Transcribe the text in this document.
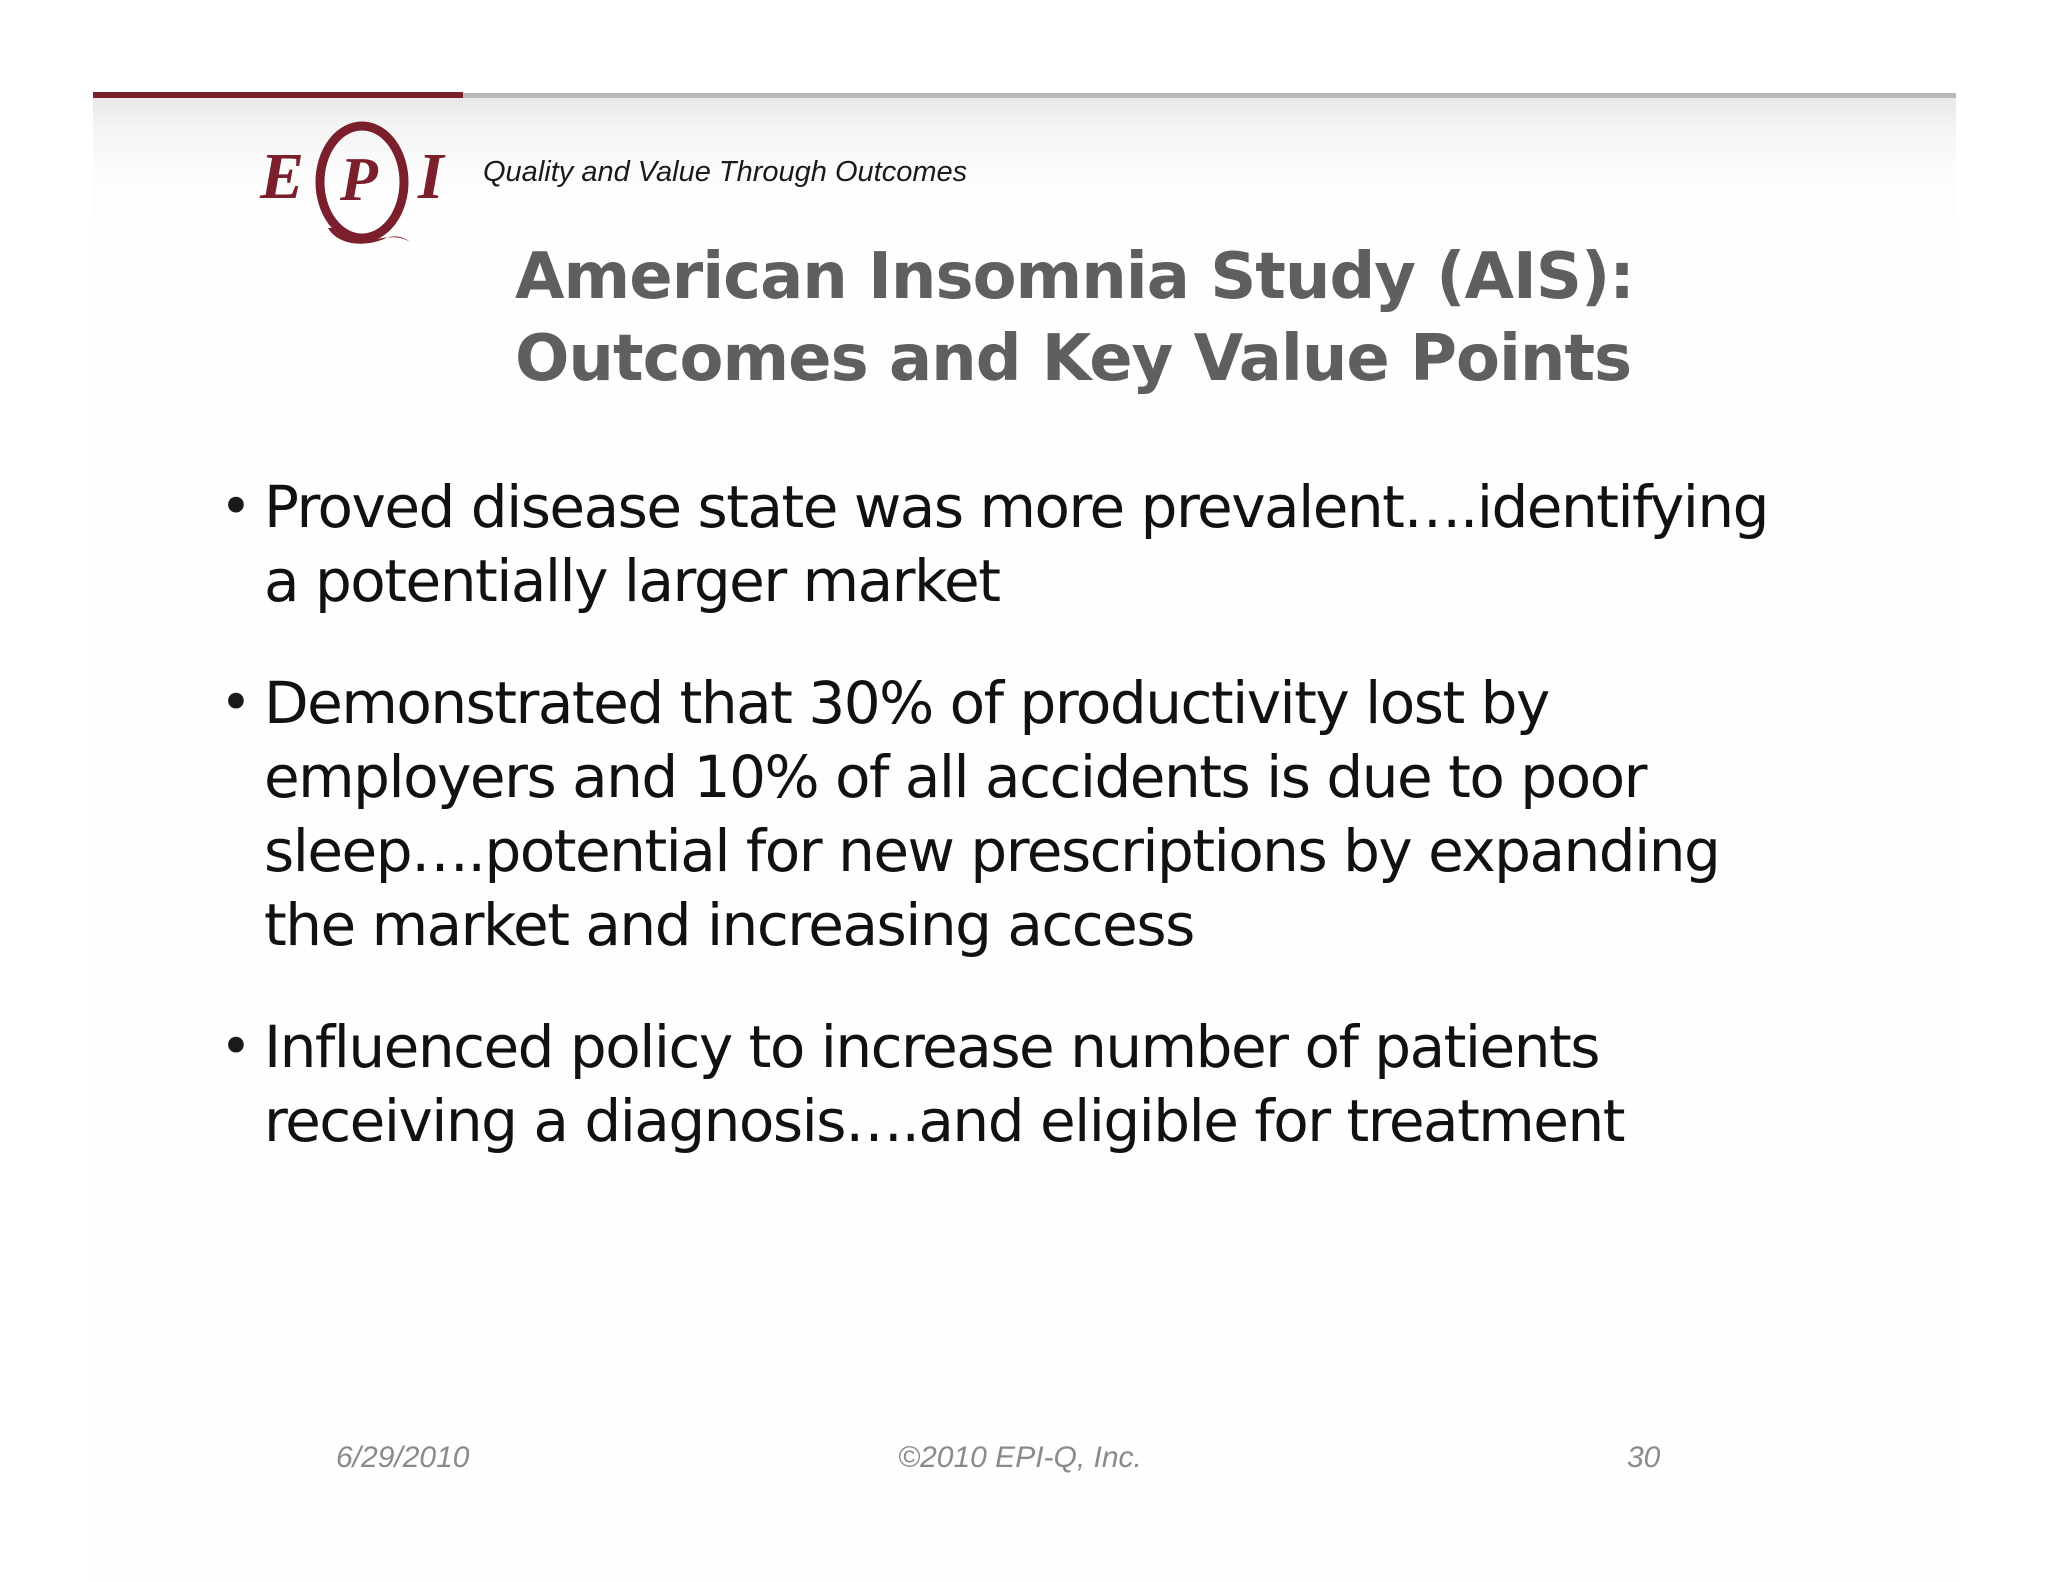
E P I Quality and Value Through Outcomes
American Insomnia Study (AIS):
Outcomes and Key Value Points
• Proved disease state was more prevalent….identifying
a potentially larger market
• Demonstrated that 30% of productivity lost by
employers and 10% of all accidents is due to poor
sleep….potential for new prescriptions by expanding
the market and increasing access
• Influenced policy to increase number of patients
receiving a diagnosis….and eligible for treatment
6/29/2010	©2010 EPI-Q, Inc.	30
